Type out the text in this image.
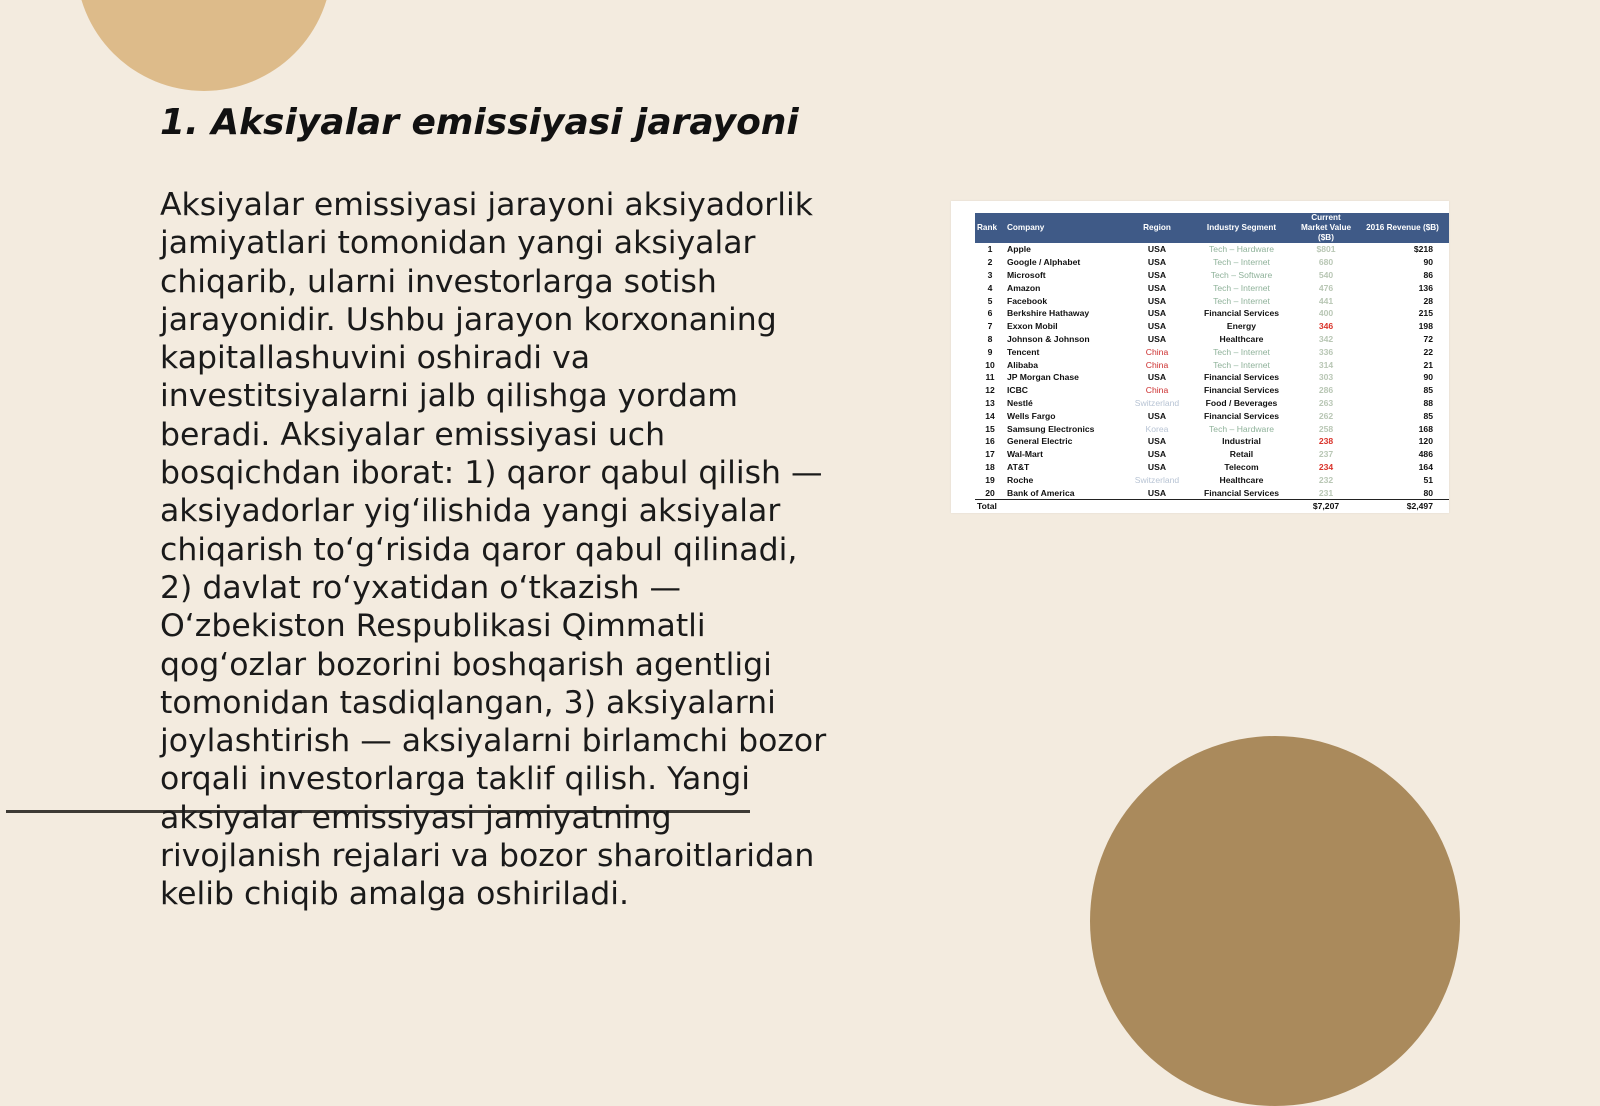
1. Aksiyalar emissiyasi jarayoni

Aksiyalar emissiyasi jarayoni aksiyadorlik jamiyatlari tomonidan yangi aksiyalar chiqarib, ularni investorlarga sotish jarayonidir. Ushbu jarayon korxonaning kapitallashuvini oshiradi va investitsiyalarni jalb qilishga yordam beradi. Aksiyalar emissiyasi uch bosqichdan iborat: 1) qaror qabul qilish — aksiyadorlar yig‘ilishida yangi aksiyalar chiqarish to‘g‘risida qaror qabul qilinadi, 2) davlat ro‘yxatidan o‘tkazish — O‘zbekiston Respublikasi Qimmatli qog‘ozlar bozorini boshqarish agentligi tomonidan tasdiqlangan, 3) aksiyalarni joylashtirish — aksiyalarni birlamchi bozor orqali investorlarga taklif qilish. Yangi aksiyalar emissiyasi jamiyatning rivojlanish rejalari va bozor sharoitlaridan kelib chiqib amalga oshiriladi.

Rank	Company	Region	Industry Segment	Current Market Value ($B)	2016 Revenue ($B)
1	Apple	USA	Tech – Hardware	$801	$218
2	Google / Alphabet	USA	Tech – Internet	680	90
3	Microsoft	USA	Tech – Software	540	86
4	Amazon	USA	Tech – Internet	476	136
5	Facebook	USA	Tech – Internet	441	28
6	Berkshire Hathaway	USA	Financial Services	400	215
7	Exxon Mobil	USA	Energy	346	198
8	Johnson & Johnson	USA	Healthcare	342	72
9	Tencent	China	Tech – Internet	336	22
10	Alibaba	China	Tech – Internet	314	21
11	JP Morgan Chase	USA	Financial Services	303	90
12	ICBC	China	Financial Services	286	85
13	Nestlé	Switzerland	Food / Beverages	263	88
14	Wells Fargo	USA	Financial Services	262	85
15	Samsung Electronics	Korea	Tech – Hardware	258	168
16	General Electric	USA	Industrial	238	120
17	Wal-Mart	USA	Retail	237	486
18	AT&T	USA	Telecom	234	164
19	Roche	Switzerland	Healthcare	232	51
20	Bank of America	USA	Financial Services	231	80
Total				$7,207	$2,497
